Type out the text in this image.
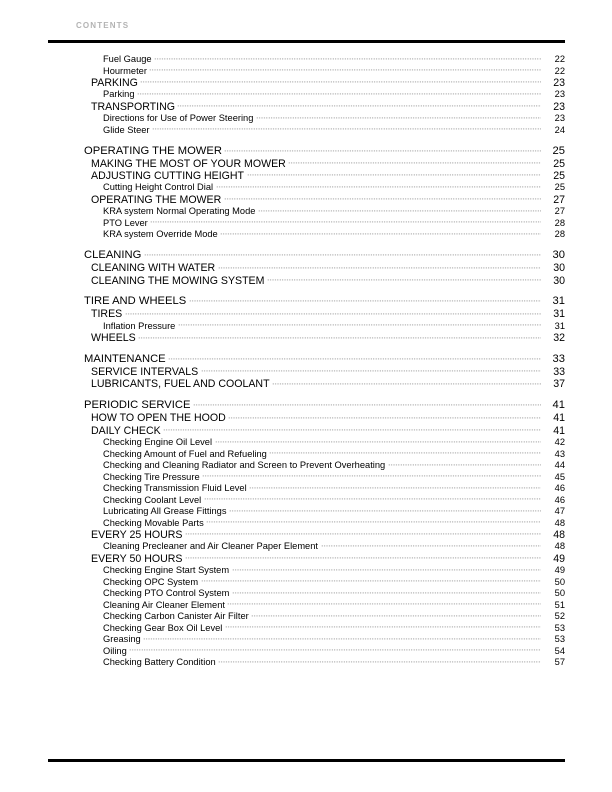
CONTENTS
Fuel Gauge	22
Hourmeter	22
PARKING	23
Parking	23
TRANSPORTING	23
Directions for Use of Power Steering	23
Glide Steer	24
OPERATING THE MOWER	25
MAKING THE MOST OF YOUR MOWER	25
ADJUSTING CUTTING HEIGHT	25
Cutting Height Control Dial	25
OPERATING THE MOWER	27
KRA system Normal Operating Mode	27
PTO Lever	28
KRA system Override Mode	28
CLEANING	30
CLEANING WITH WATER	30
CLEANING THE MOWING SYSTEM	30
TIRE AND WHEELS	31
TIRES	31
Inflation Pressure	31
WHEELS	32
MAINTENANCE	33
SERVICE INTERVALS	33
LUBRICANTS, FUEL AND COOLANT	37
PERIODIC SERVICE	41
HOW TO OPEN THE HOOD	41
DAILY CHECK	41
Checking Engine Oil Level	42
Checking Amount of Fuel and Refueling	43
Checking and Cleaning Radiator and Screen to Prevent Overheating	44
Checking Tire Pressure	45
Checking Transmission Fluid Level	46
Checking Coolant Level	46
Lubricating All Grease Fittings	47
Checking Movable Parts	48
EVERY 25 HOURS	48
Cleaning Precleaner and Air Cleaner Paper Element	48
EVERY 50 HOURS	49
Checking Engine Start System	49
Checking OPC System	50
Checking PTO Control System	50
Cleaning Air Cleaner Element	51
Checking Carbon Canister Air Filter	52
Checking Gear Box Oil Level	53
Greasing	53
Oiling	54
Checking Battery Condition	57
